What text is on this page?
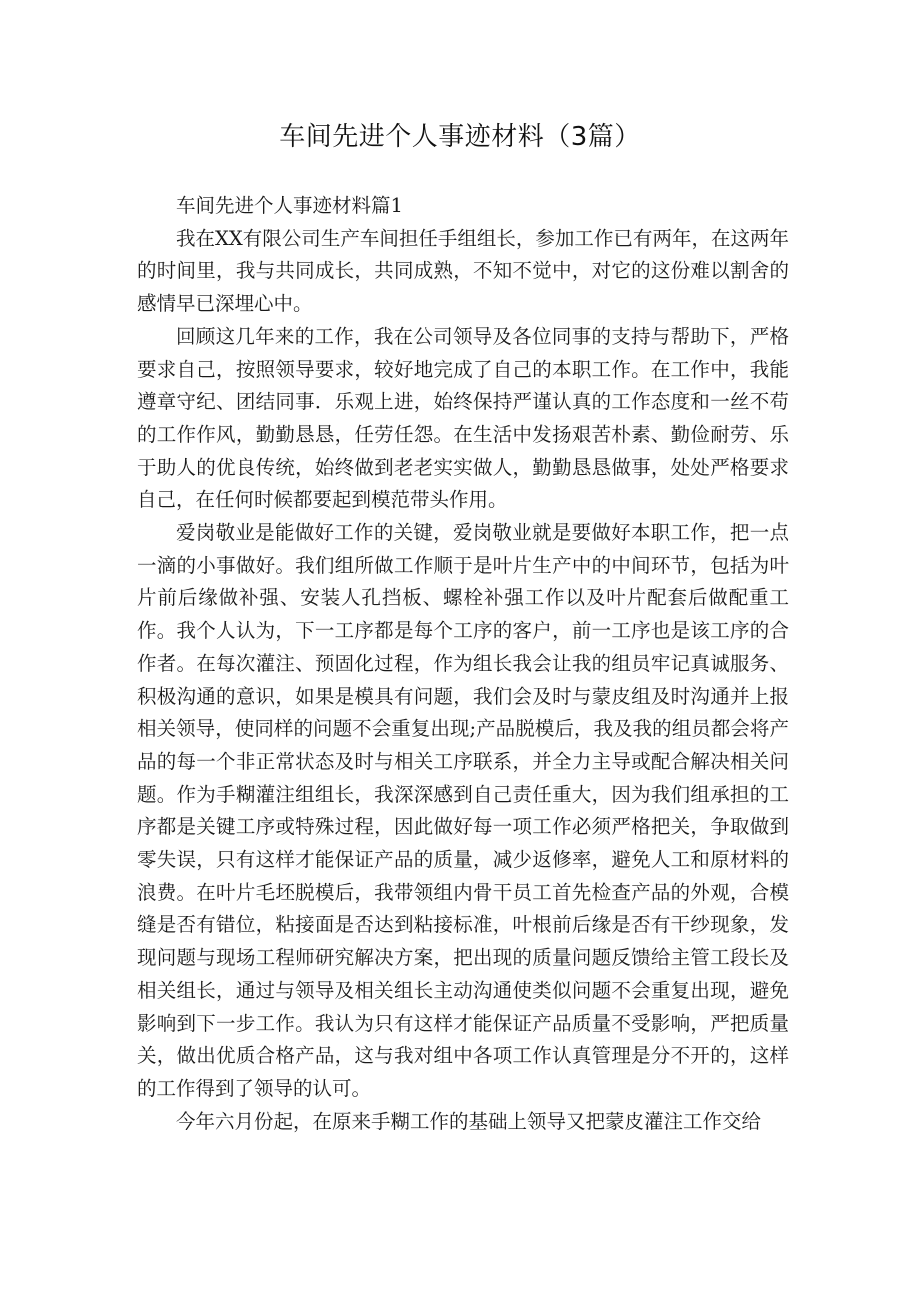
车间先进个人事迹材料（3篇）

车间先进个人事迹材料篇1

我在XX有限公司生产车间担任手组组长，参加工作已有两年，在这两年的时间里，我与共同成长，共同成熟，不知不觉中，对它的这份难以割舍的感情早已深埋心中。

回顾这几年来的工作，我在公司领导及各位同事的支持与帮助下，严格要求自己，按照领导要求，较好地完成了自己的本职工作。在工作中，我能遵章守纪、团结同事．乐观上进，始终保持严谨认真的工作态度和一丝不苟的工作作风，勤勤恳恳，任劳任怨。在生活中发扬艰苦朴素、勤俭耐劳、乐于助人的优良传统，始终做到老老实实做人，勤勤恳恳做事，处处严格要求自己，在任何时候都要起到模范带头作用。

爱岗敬业是能做好工作的关键，爱岗敬业就是要做好本职工作，把一点一滴的小事做好。我们组所做工作顺于是叶片生产中的中间环节，包括为叶片前后缘做补强、安装人孔挡板、螺栓补强工作以及叶片配套后做配重工作。我个人认为，下一工序都是每个工序的客户，前一工序也是该工序的合作者。在每次灌注、预固化过程，作为组长我会让我的组员牢记真诚服务、积极沟通的意识，如果是模具有问题，我们会及时与蒙皮组及时沟通并上报相关领导，使同样的问题不会重复出现;产品脱模后，我及我的组员都会将产品的每一个非正常状态及时与相关工序联系，并全力主导或配合解决相关问题。作为手糊灌注组组长，我深深感到自己责任重大，因为我们组承担的工序都是关键工序或特殊过程，因此做好每一项工作必须严格把关，争取做到零失误，只有这样才能保证产品的质量，减少返修率，避免人工和原材料的浪费。在叶片毛坯脱模后，我带领组内骨干员工首先检查产品的外观，合模缝是否有错位，粘接面是否达到粘接标准，叶根前后缘是否有干纱现象，发现问题与现场工程师研究解决方案，把出现的质量问题反馈给主管工段长及相关组长，通过与领导及相关组长主动沟通使类似问题不会重复出现，避免影响到下一步工作。我认为只有这样才能保证产品质量不受影响，严把质量关，做出优质合格产品，这与我对组中各项工作认真管理是分不开的，这样的工作得到了领导的认可。

今年六月份起，在原来手糊工作的基础上领导又把蒙皮灌注工作交给
